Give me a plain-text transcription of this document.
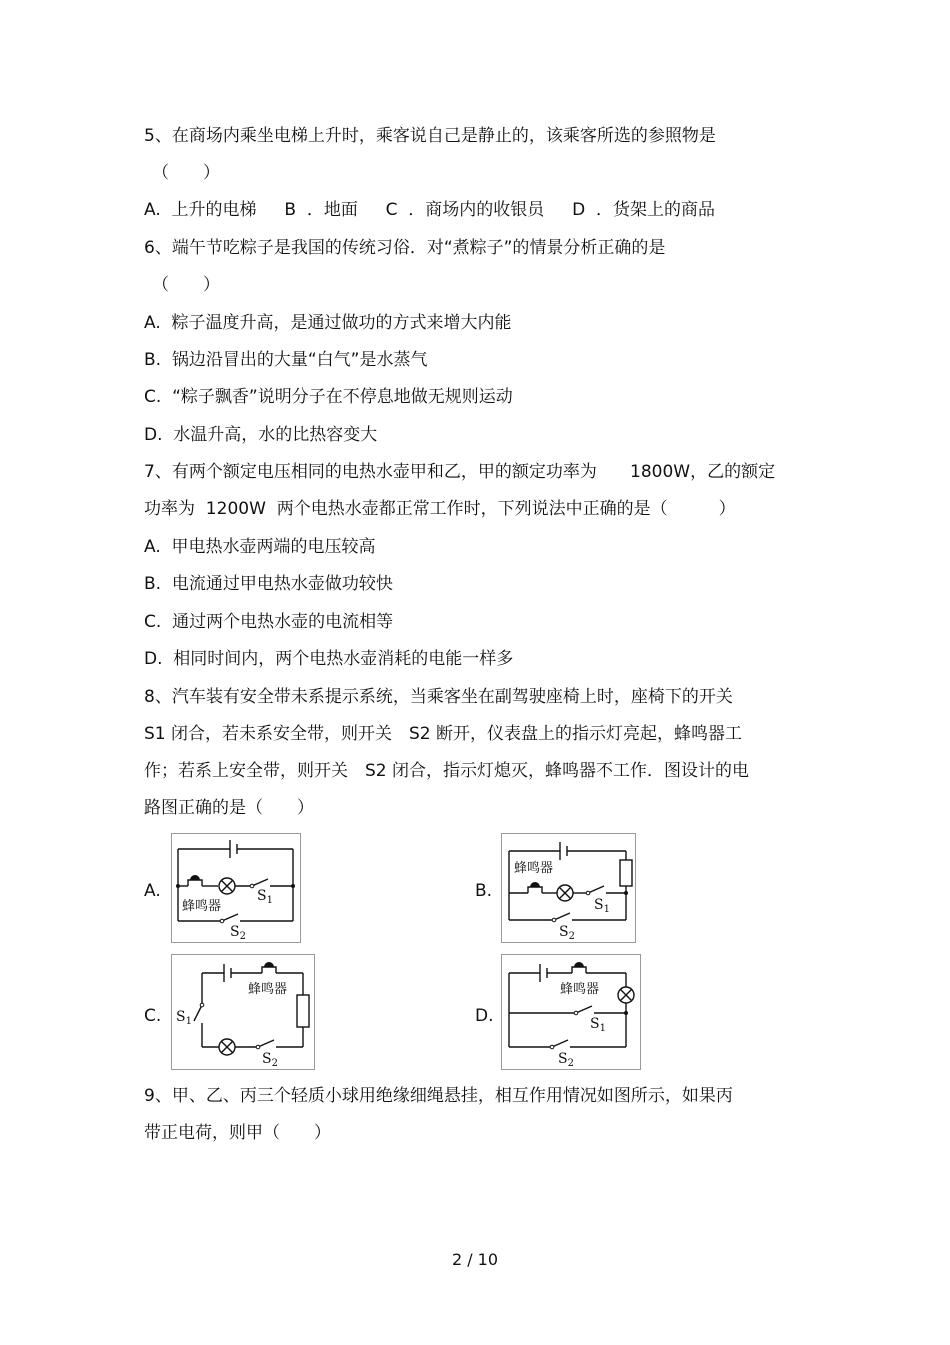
5、在商场内乘坐电梯上升时，乘客说自己是静止的，该乘客所选的参照物是
（　　）
A.  上升的电梯　  B  ．地面　  C  ．商场内的收银员　  D  ．货架上的商品
6、端午节吃粽子是我国的传统习俗．对“煮粽子”的情景分析正确的是
（　　）
A.  粽子温度升高，是通过做功的方式来增大内能
B.  锅边沿冒出的大量“白气”是水蒸气
C.  “粽子飘香”说明分子在不停息地做无规则运动
D.  水温升高，水的比热容变大
7、有两个额定电压相同的电热水壶甲和乙，甲的额定功率为　   1800W，乙的额定
功率为  1200W  两个电热水壶都正常工作时，下列说法中正确的是（　　　）
A.  甲电热水壶两端的电压较高
B.  电流通过甲电热水壶做功较快
C.  通过两个电热水壶的电流相等
D.  相同时间内，两个电热水壶消耗的电能一样多
8、汽车装有安全带未系提示系统，当乘客坐在副驾驶座椅上时，座椅下的开关
S1 闭合，若未系安全带，则开关　S2 断开，仪表盘上的指示灯亮起，蜂鸣器工
作；若系上安全带，则开关　S2 闭合，指示灯熄灭，蜂鸣器不工作．图设计的电
路图正确的是（　　）
A.	B.
C.	D.
蜂鸣器
$S_1$
$S_2$
蜂鸣器
$S_1$
$S_2$
蜂鸣器
$S_1$
$S_2$
蜂鸣器
$S_1$
$S_2$
9、甲、乙、丙三个轻质小球用绝缘细绳悬挂，相互作用情况如图所示，如果丙
带正电荷，则甲（　　）
2 / 10
